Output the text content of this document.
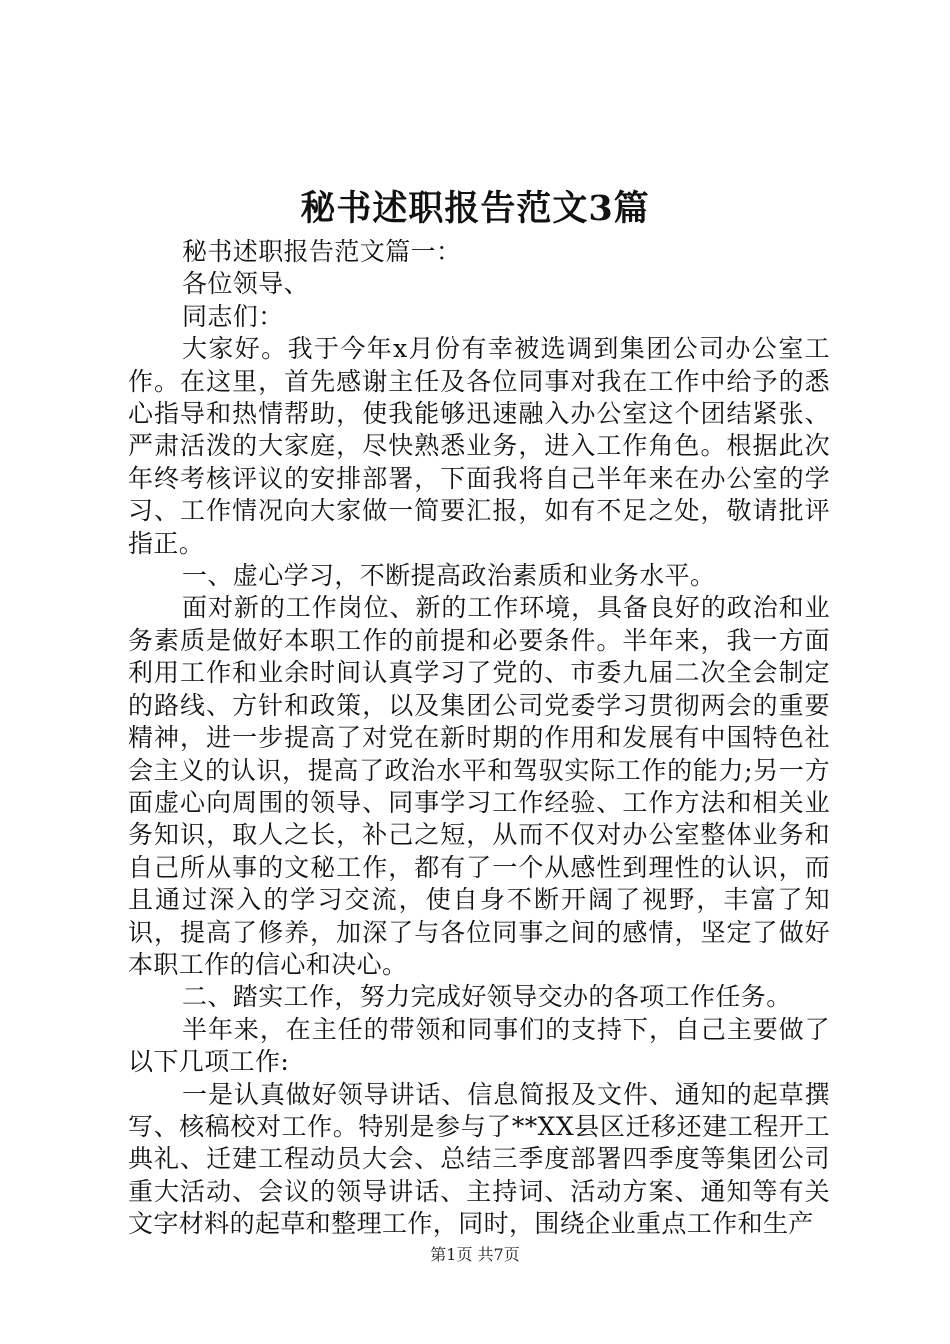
秘书述职报告范文3篇

秘书述职报告范文篇一：

各位领导、

同志们：

大家好。我于今年x月份有幸被选调到集团公司办公室工作。在这里，首先感谢主任及各位同事对我在工作中给予的悉心指导和热情帮助，使我能够迅速融入办公室这个团结紧张、严肃活泼的大家庭，尽快熟悉业务，进入工作角色。根据此次年终考核评议的安排部署，下面我将自己半年来在办公室的学习、工作情况向大家做一简要汇报，如有不足之处，敬请批评指正。

一、虚心学习，不断提高政治素质和业务水平。

面对新的工作岗位、新的工作环境，具备良好的政治和业务素质是做好本职工作的前提和必要条件。半年来，我一方面利用工作和业余时间认真学习了党的、市委九届二次全会制定的路线、方针和政策，以及集团公司党委学习贯彻两会的重要精神，进一步提高了对党在新时期的作用和发展有中国特色社会主义的认识，提高了政治水平和驾驭实际工作的能力;另一方面虚心向周围的领导、同事学习工作经验、工作方法和相关业务知识，取人之长，补己之短，从而不仅对办公室整体业务和自己所从事的文秘工作，都有了一个从感性到理性的认识，而且通过深入的学习交流，使自身不断开阔了视野，丰富了知识，提高了修养，加深了与各位同事之间的感情，坚定了做好本职工作的信心和决心。

二、踏实工作，努力完成好领导交办的各项工作任务。

半年来，在主任的带领和同事们的支持下，自己主要做了以下几项工作:

一是认真做好领导讲话、信息简报及文件、通知的起草撰写、核稿校对工作。特别是参与了**XX县区迁移还建工程开工典礼、迁建工程动员大会、总结三季度部署四季度等集团公司重大活动、会议的领导讲话、主持词、活动方案、通知等有关文字材料的起草和整理工作，同时，围绕企业重点工作和生产

第1页 共7页
